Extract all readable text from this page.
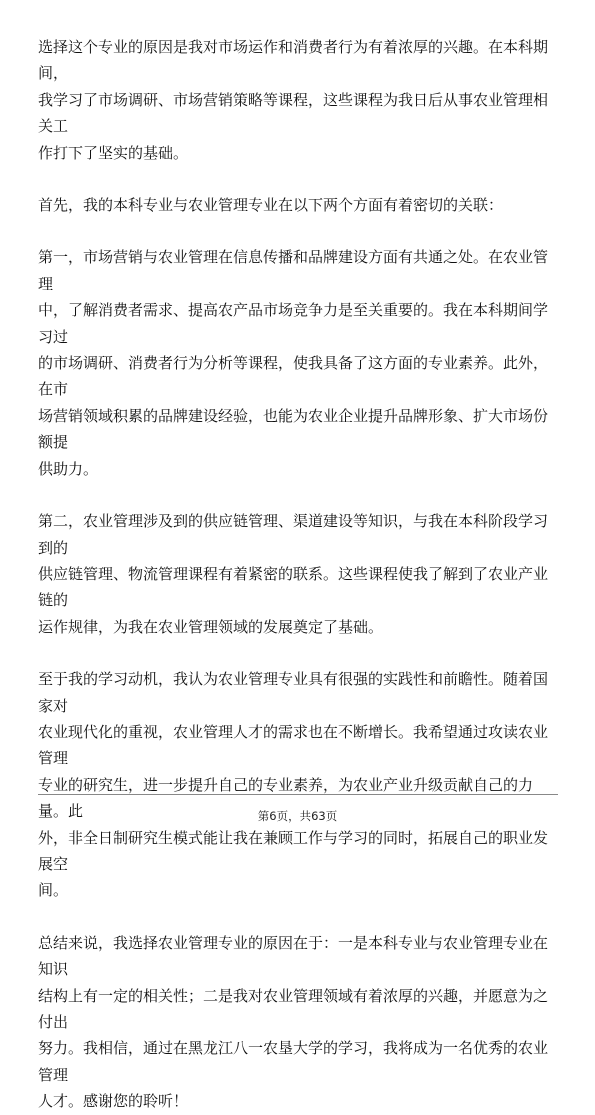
选择这个专业的原因是我对市场运作和消费者行为有着浓厚的兴趣。在本科期间，
我学习了市场调研、市场营销策略等课程，这些课程为我日后从事农业管理相关工
作打下了坚实的基础。

首先，我的本科专业与农业管理专业在以下两个方面有着密切的关联：

第一，市场营销与农业管理在信息传播和品牌建设方面有共通之处。在农业管理
中，了解消费者需求、提高农产品市场竞争力是至关重要的。我在本科期间学习过
的市场调研、消费者行为分析等课程，使我具备了这方面的专业素养。此外，在市
场营销领域积累的品牌建设经验，也能为农业企业提升品牌形象、扩大市场份额提
供助力。

第二，农业管理涉及到的供应链管理、渠道建设等知识，与我在本科阶段学习到的
供应链管理、物流管理课程有着紧密的联系。这些课程使我了解到了农业产业链的
运作规律，为我在农业管理领域的发展奠定了基础。

至于我的学习动机，我认为农业管理专业具有很强的实践性和前瞻性。随着国家对
农业现代化的重视，农业管理人才的需求也在不断增长。我希望通过攻读农业管理
专业的研究生，进一步提升自己的专业素养，为农业产业升级贡献自己的力量。此
外，非全日制研究生模式能让我在兼顾工作与学习的同时，拓展自己的职业发展空
间。

总结来说，我选择农业管理专业的原因在于：一是本科专业与农业管理专业在知识
结构上有一定的相关性；二是我对农业管理领域有着浓厚的兴趣，并愿意为之付出
努力。我相信，通过在黑龙江八一农垦大学的学习，我将成为一名优秀的农业管理
人才。感谢您的聆听！

第6页，共63页
